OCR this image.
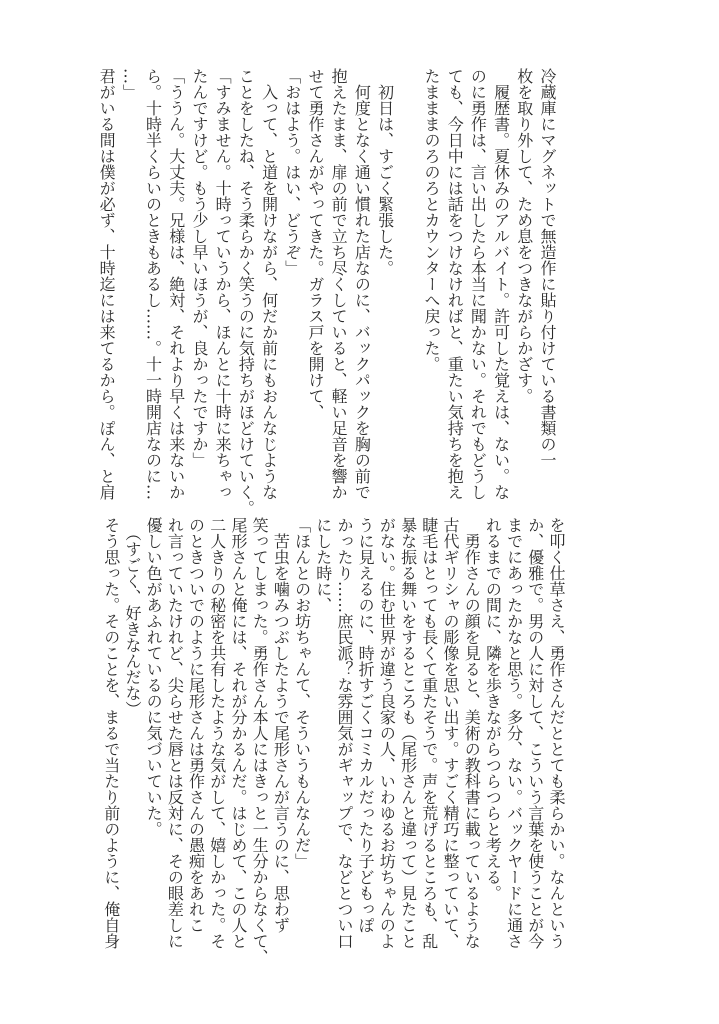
冷蔵庫にマグネットで無造作に貼り付けている書類の一
枚を取り外して、ため息をつきながらかざす。
　履歴書。夏休みのアルバイト。許可した覚えは、ない。な
のに勇作は、言い出したら本当に聞かない。それでもどうし
ても、今日中には話をつけなければと、重たい気持ちを抱え
たまままのろのろとカウンターへ戻った。

　初日は、すごく緊張した。
　何度となく通い慣れた店なのに、バックパックを胸の前で
抱えたまま、扉の前で立ち尽くしていると、軽い足音を響か
せて勇作さんがやってきた。ガラス戸を開けて、
「おはよう。はい、どうぞ」
　入って、と道を開けながら、何だか前にもおんなじような
ことをしたね、そう柔らかく笑うのに気持ちがほどけていく。
「すみません。十時っていうから、ほんとに十時に来ちゃっ
たんですけど。もう少し早いほうが、良かったですか」
「ううん。大丈夫。兄様は、絶対、それより早くは来ないか
ら。十時半くらいのときもあるし……。十一時開店なのに…
…」
君がいる間は僕が必ず、十時迄には来てるから。ぽん、と肩
を叩く仕草さえ、勇作さんだととても柔らかい。なんという
か、優雅で。男の人に対して、こういう言葉を使うことが今
までにあったかなと思う。多分、ない。バックヤードに通さ
れるまでの間に、隣を歩きながらつらつらと考える。
　勇作さんの顔を見ると、美術の教科書に載っているような
古代ギリシャの彫像を思い出す。すごく精巧に整っていて、
睫毛はとっても長くて重たそうで。声を荒げるところも、乱
暴な振る舞いをするところも（尾形さんと違って）見たこと
がない。住む世界が違う良家の人、いわゆるお坊ちゃんのよ
うに見えるのに、時折すごくコミカルだったり子どもっぽ
かったり……庶民派？な雰囲気がギャップで、などとつい口
にした時に、
「ほんとのお坊ちゃんて、そういうもんなんだ」
　苦虫を噛みつぶしたようで尾形さんが言うのに、思わず
笑ってしまった。勇作さん本人にはきっと一生分からなくて、
尾形さんと俺には、それが分かるんだ。はじめて、この人と
二人きりの秘密を共有したような気がして、嬉しかった。そ
のときついでのように尾形さんは勇作さんの愚痴をあれこ
れ言っていたけれど、尖らせた唇とは反対に、その眼差しに
優しい色があふれているのに気づいていた。
　（すごく、好きなんだな）
そう思った。そのことを、まるで当たり前のように、俺自身
